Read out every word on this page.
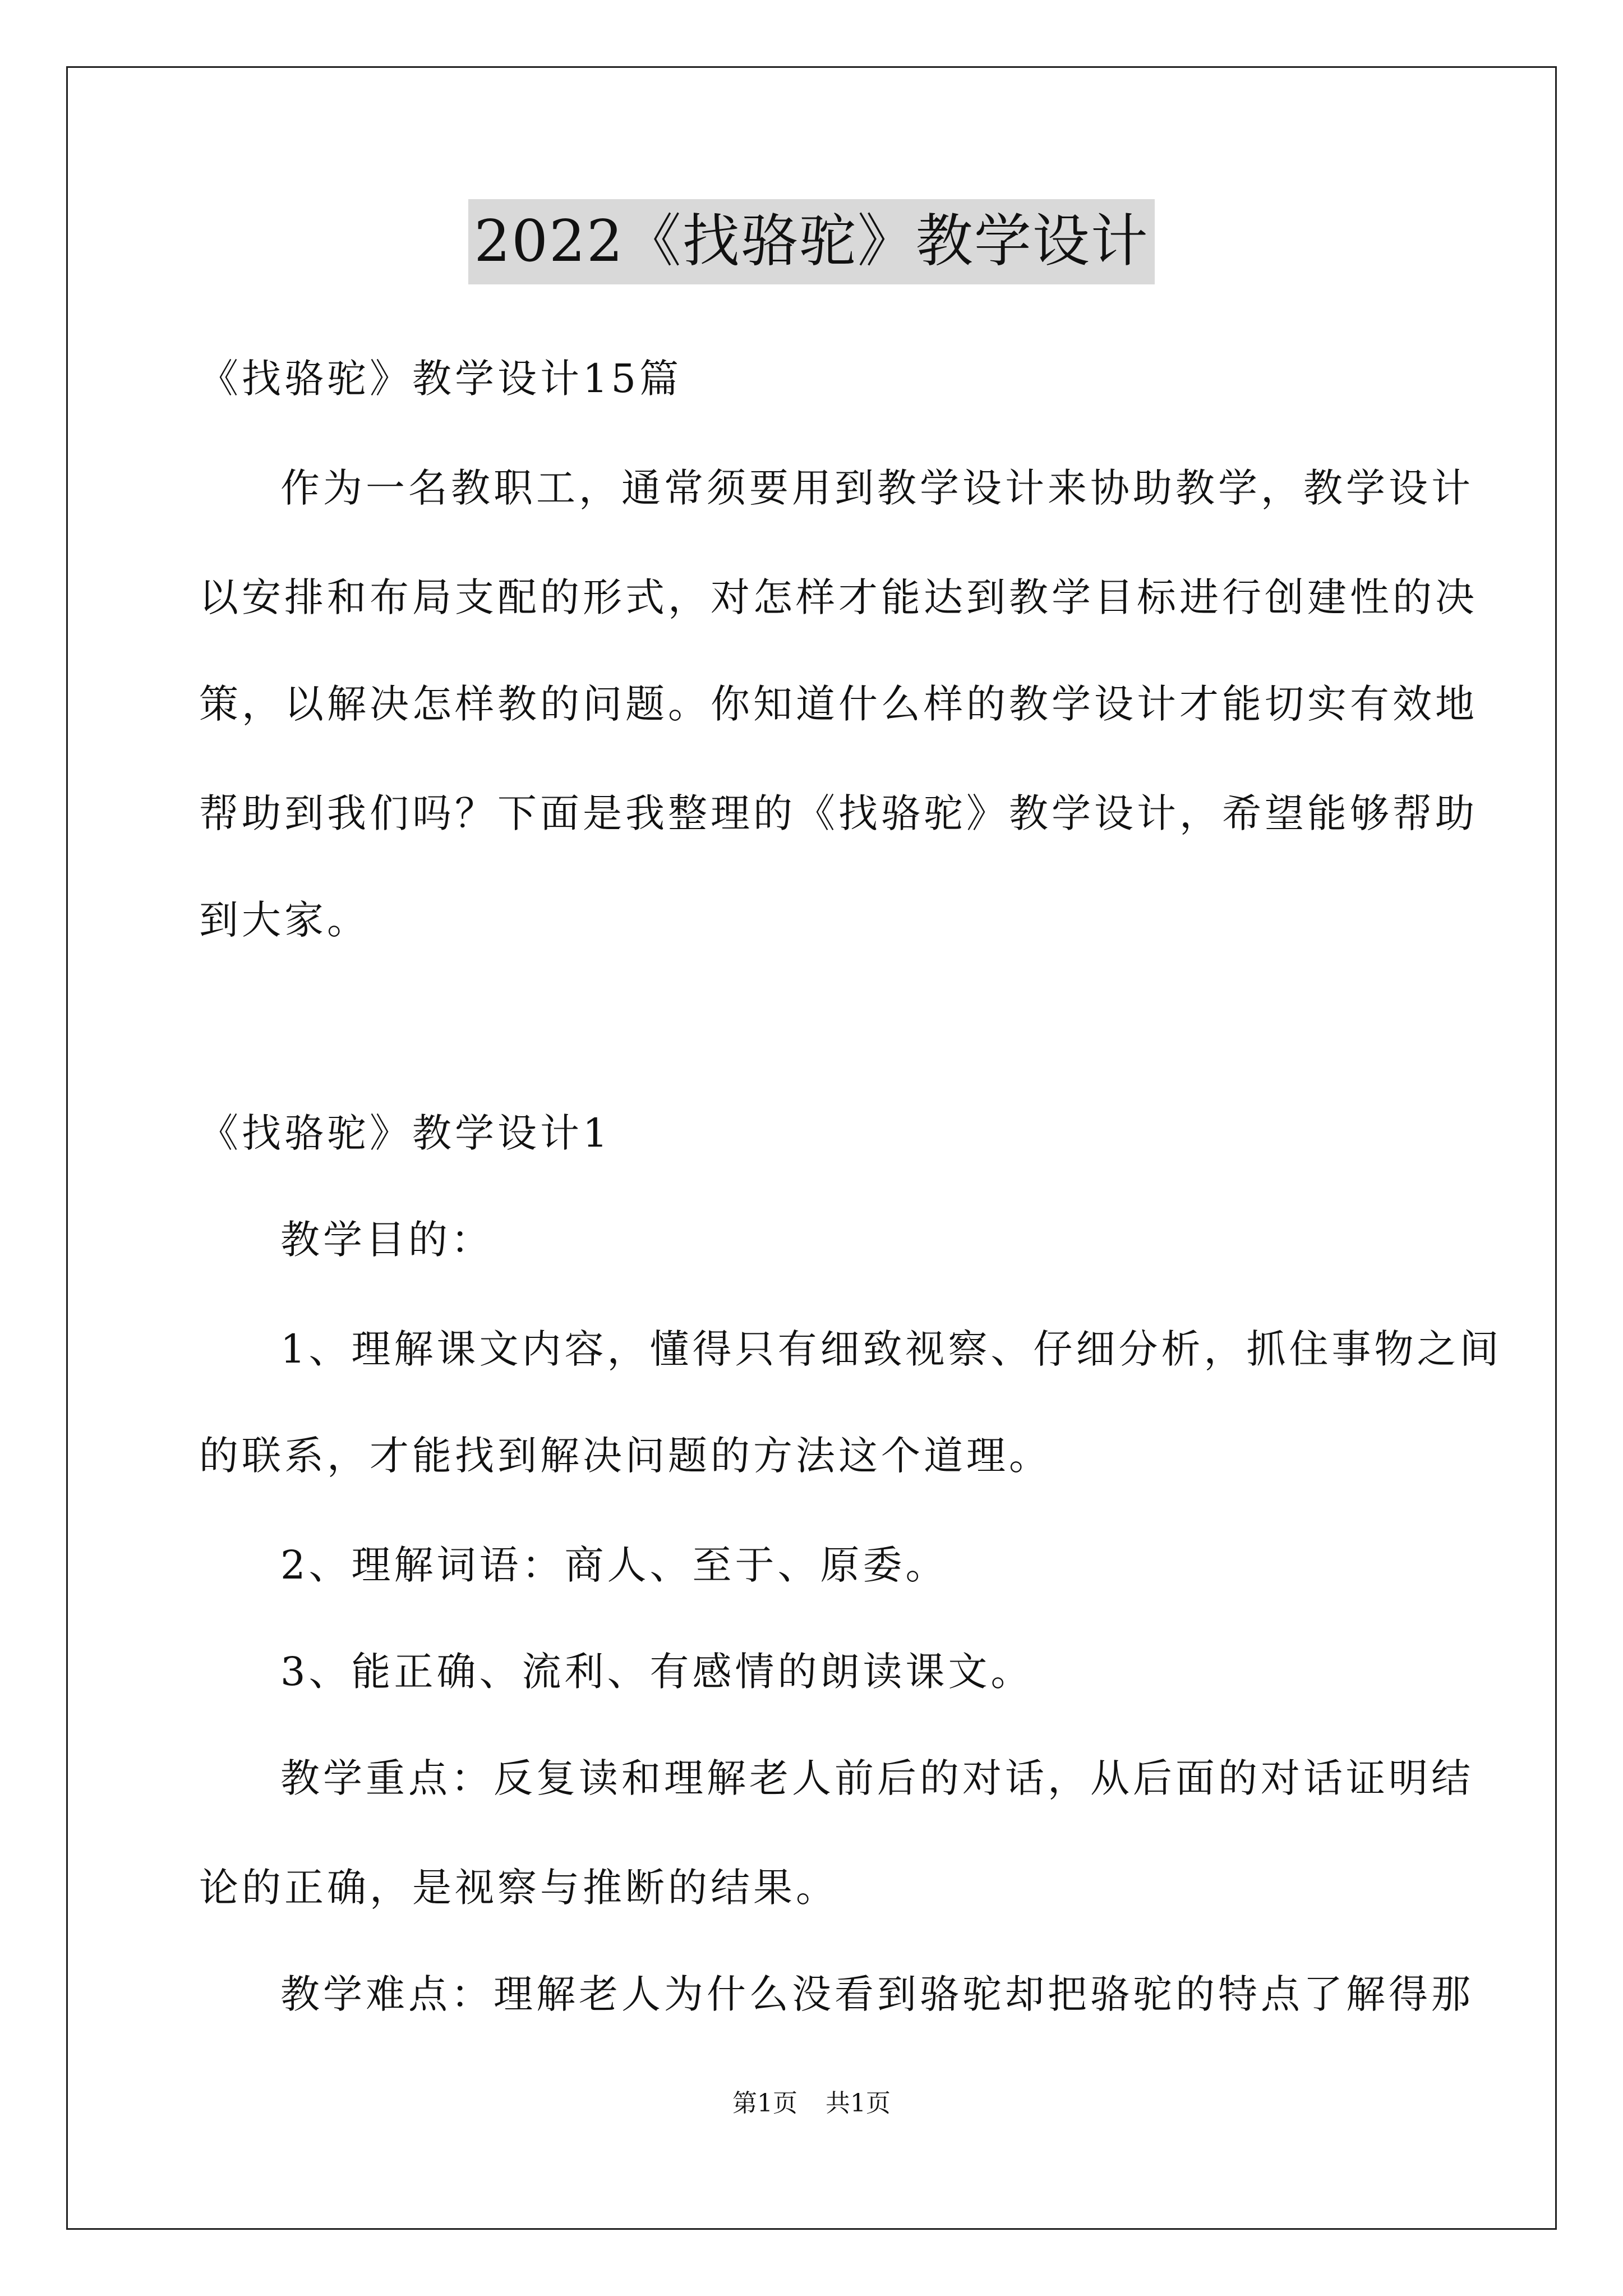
2022《找骆驼》教学设计
《找骆驼》教学设计15篇
作为一名教职工，通常须要用到教学设计来协助教学，教学设计
以安排和布局支配的形式，对怎样才能达到教学目标进行创建性的决
策，以解决怎样教的问题。你知道什么样的教学设计才能切实有效地
帮助到我们吗？下面是我整理的《找骆驼》教学设计，希望能够帮助
到大家。
《找骆驼》教学设计1
教学目的：
1、理解课文内容，懂得只有细致视察、仔细分析，抓住事物之间
的联系，才能找到解决问题的方法这个道理。
2、理解词语：商人、至于、原委。
3、能正确、流利、有感情的朗读课文。
教学重点：反复读和理解老人前后的对话，从后面的对话证明结
论的正确，是视察与推断的结果。
教学难点：理解老人为什么没看到骆驼却把骆驼的特点了解得那
第1页 共1页
